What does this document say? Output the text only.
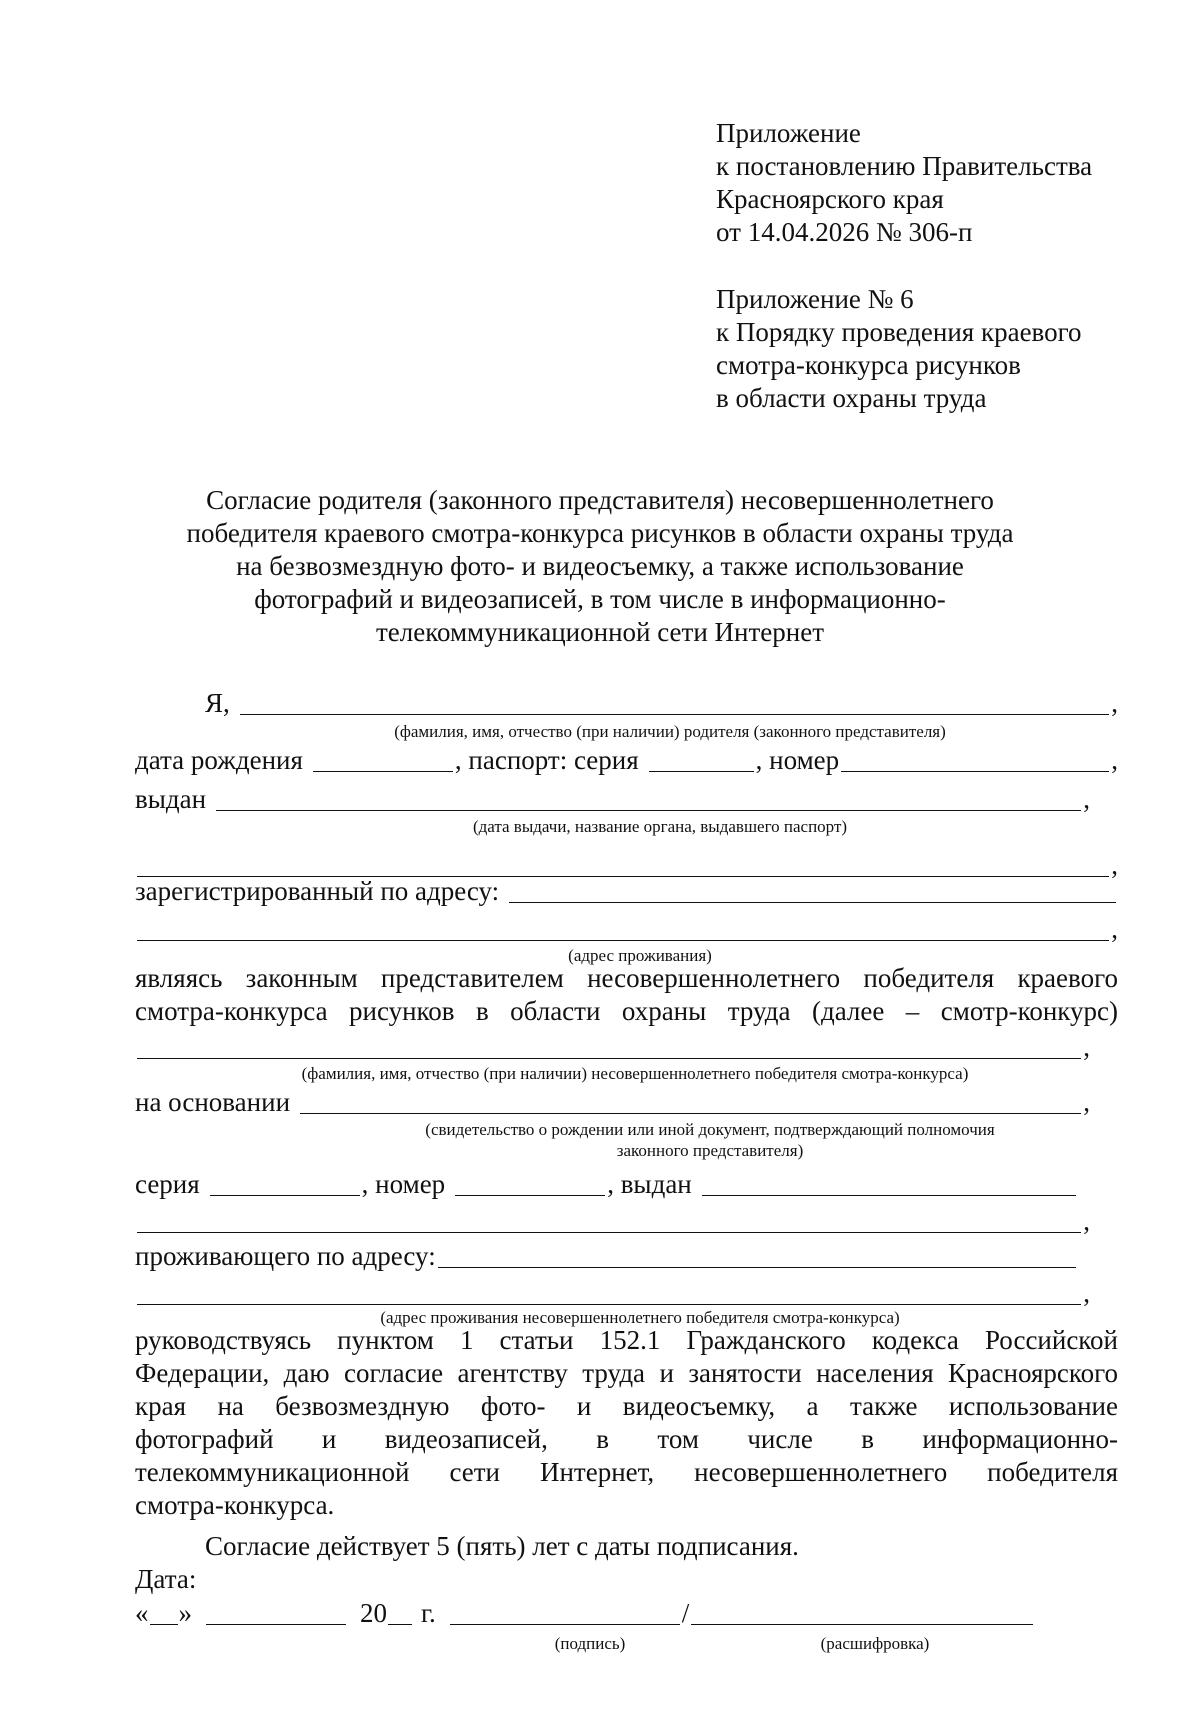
Приложение
к постановлению Правительства
Красноярского края
от 14.04.2026 № 306-п
Приложение № 6
к Порядку проведения краевого
смотра-конкурса рисунков
в области охраны труда
Согласие родителя (законного представителя) несовершеннолетнего
победителя краевого смотра-конкурса рисунков в области охраны труда
на безвозмездную фото- и видеосъемку, а также использование
фотографий и видеозаписей, в том числе в информационно-
телекоммуникационной сети Интернет
Я,	,
(фамилия, имя, отчество (при наличии) родителя (законного представителя)
дата рождения	, паспорт: серия	, номер	,
выдан	,
(дата выдачи, название органа, выдавшего паспорт)
,
зарегистрированный по адресу:
,
(адрес проживания)
являясь законным представителем несовершеннолетнего победителя краевого
смотра-конкурса рисунков в области охраны труда (далее – смотр-конкурс)
,
(фамилия, имя, отчество (при наличии) несовершеннолетнего победителя смотра-конкурса)
на основании	,
(свидетельство о рождении или иной документ, подтверждающий полномочия
законного представителя)
серия	, номер	, выдан
,
проживающего по адресу:
,
(адрес проживания несовершеннолетнего победителя смотра-конкурса)
руководствуясь пунктом 1 статьи 152.1 Гражданского кодекса Российской
Федерации, даю согласие агентству труда и занятости населения Красноярского
края на безвозмездную фото- и видеосъемку, а также использование
фотографий и видеозаписей, в том числе в информационно-
телекоммуникационной сети Интернет, несовершеннолетнего победителя
смотра-конкурса.
Согласие действует 5 (пять) лет с даты подписания.
Дата:
« »	20 г.	/
(подпись)	(расшифровка)
